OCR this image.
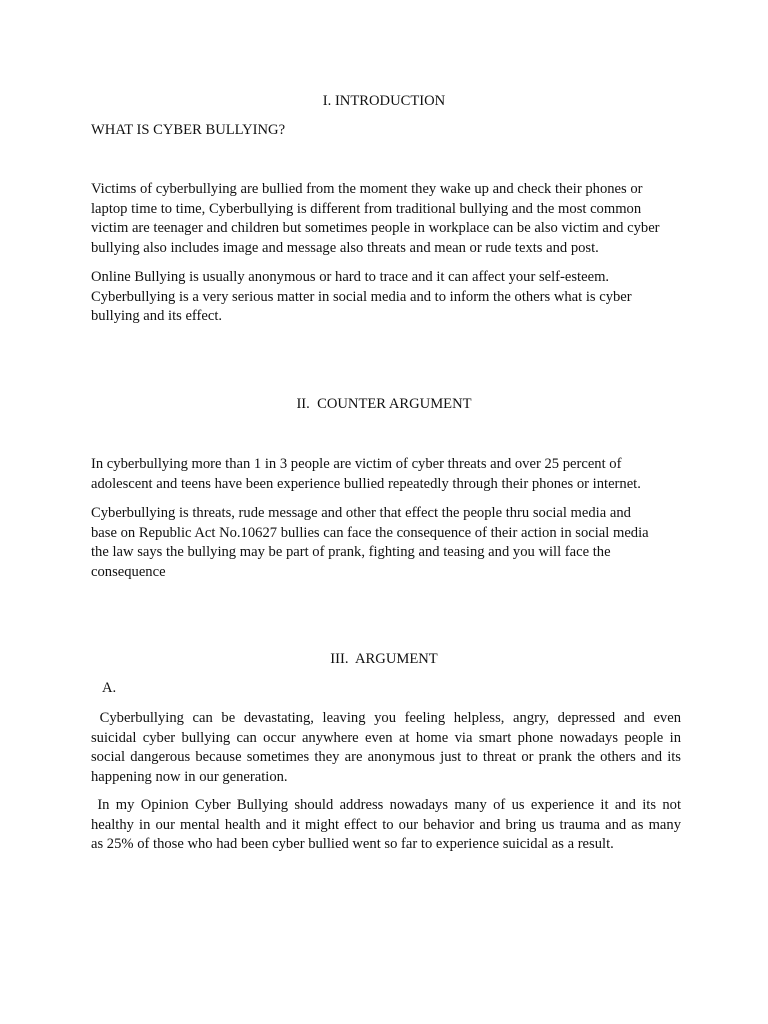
I. INTRODUCTION
WHAT IS CYBER BULLYING?
Victims of cyberbullying are bullied from the moment they wake up and check their phones or
laptop time to time, Cyberbullying is different from traditional bullying and the most common
victim are teenager and children but sometimes people in workplace can be also victim and cyber
bullying also includes image and message also threats and mean or rude texts and post.
Online Bullying is usually anonymous or hard to trace and it can affect your self-esteem.
Cyberbullying is a very serious matter in social media and to inform the others what is cyber
bullying and its effect.
II.  COUNTER ARGUMENT
In cyberbullying more than 1 in 3 people are victim of cyber threats and over 25 percent of
adolescent and teens have been experience bullied repeatedly through their phones or internet.
Cyberbullying is threats, rude message and other that effect the people thru social media and
base on Republic Act No.10627 bullies can face the consequence of their action in social media
the law says the bullying may be part of prank, fighting and teasing and you will face the
consequence
III.  ARGUMENT
A.
Cyberbullying can be devastating, leaving you feeling helpless, angry, depressed and even
suicidal cyber bullying can occur anywhere even at home via smart phone nowadays people in
social dangerous because sometimes they are anonymous just to threat or prank the others and its
happening now in our generation.
In my Opinion Cyber Bullying should address nowadays many of us experience it and its not
healthy in our mental health and it might effect to our behavior and bring us trauma and as many
as 25% of those who had been cyber bullied went so far to experience suicidal as a result.
